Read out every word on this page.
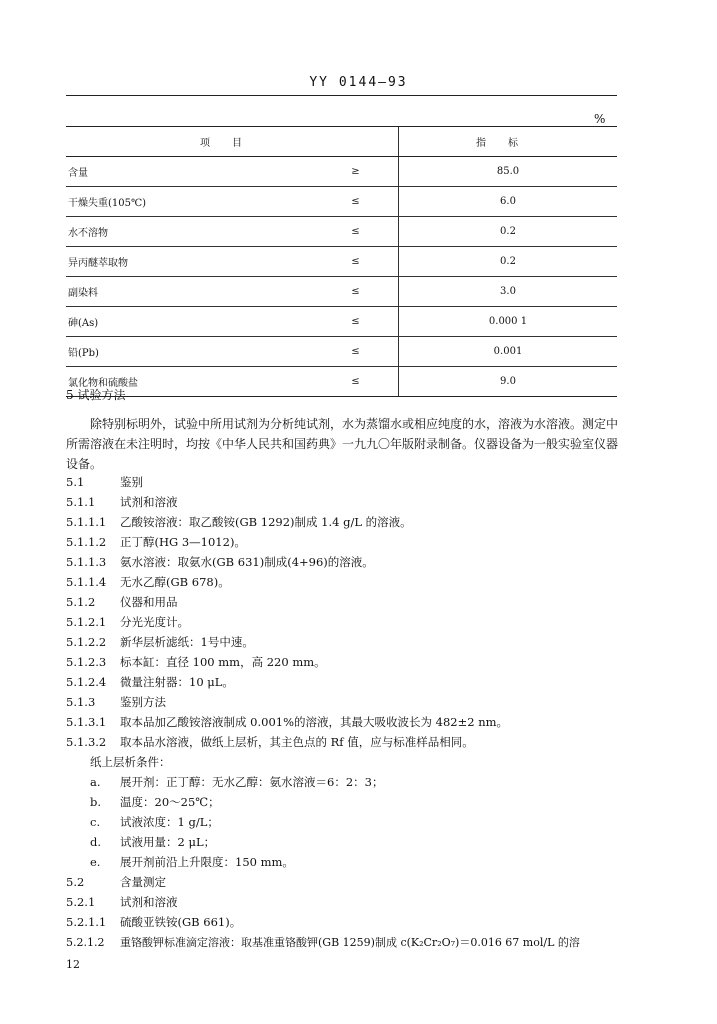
YY 0144—93
%
项目		指标
含量	≥	85.0
干燥失重(105℃)	≤	6.0
水不溶物	≤	0.2
异丙醚萃取物	≤	0.2
副染料	≤	3.0
砷(As)	≤	0.000 1
铅(Pb)	≤	0.001
氯化物和硫酸盐	≤	9.0
5 试验方法
除特别标明外，试验中所用试剂为分析纯试剂，水为蒸馏水或相应纯度的水，溶液为水溶液。测定中所需溶液在未注明时，均按《中华人民共和国药典》一九九〇年版附录制备。仪器设备为一般实验室仪器设备。
5.1	鉴别
5.1.1 试剂和溶液
5.1.1.1 乙酸铵溶液：取乙酸铵(GB 1292)制成 1.4 g/L 的溶液。
5.1.1.2 正丁醇(HG 3—1012)。
5.1.1.3 氨水溶液：取氨水(GB 631)制成(4+96)的溶液。
5.1.1.4 无水乙醇(GB 678)。
5.1.2 仪器和用品
5.1.2.1 分光光度计。
5.1.2.2 新华层析滤纸：1号中速。
5.1.2.3 标本缸：直径 100 mm，高 220 mm。
5.1.2.4 微量注射器：10 μL。
5.1.3 鉴别方法
5.1.3.1 取本品加乙酸铵溶液制成 0.001%的溶液，其最大吸收波长为 482±2 nm。
5.1.3.2 取本品水溶液，做纸上层析，其主色点的 Rf 值，应与标准样品相同。
纸上层析条件：
a. 展开剂：正丁醇：无水乙醇：氨水溶液＝6：2：3；
b. 温度：20～25℃；
c. 试液浓度：1 g/L；
d. 试液用量：2 μL；
e. 展开剂前沿上升限度：150 mm。
5.2	含量测定
5.2.1 试剂和溶液
5.2.1.1 硫酸亚铁铵(GB 661)。
5.2.1.2 重铬酸钾标准滴定溶液：取基准重铬酸钾(GB 1259)制成 c(K₂Cr₂O₇)＝0.016 67 mol/L 的溶
12
